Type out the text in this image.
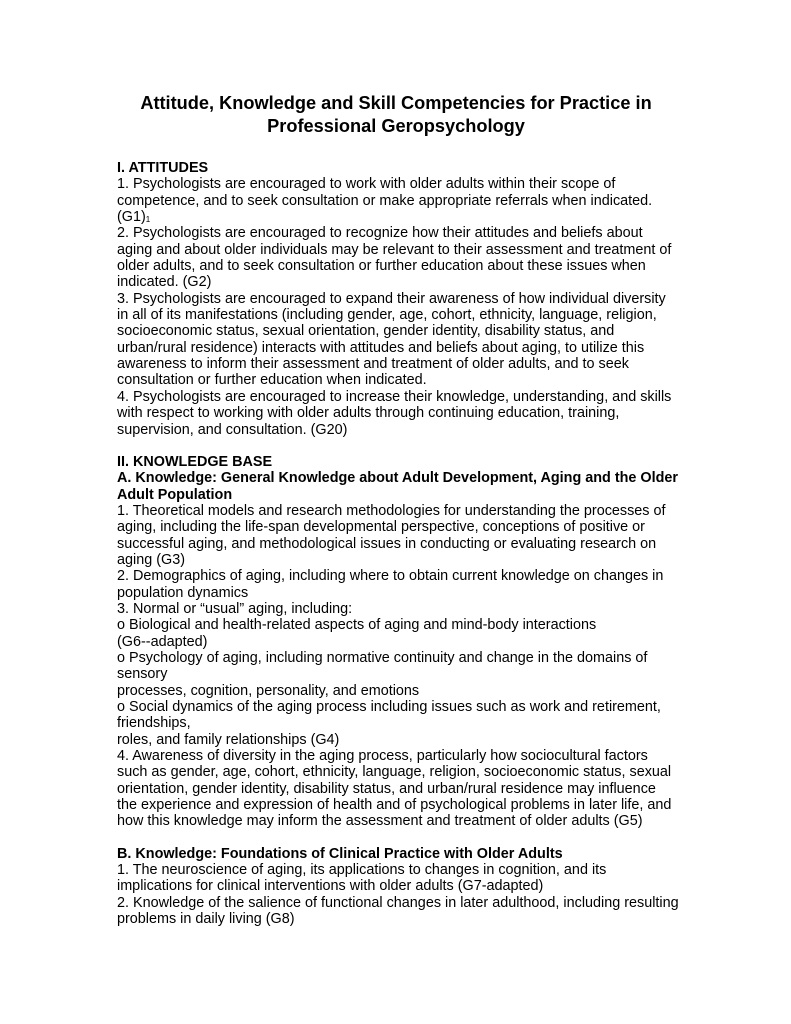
Attitude, Knowledge and Skill Competencies for Practice in
Professional Geropsychology
I. ATTITUDES
1. Psychologists are encouraged to work with older adults within their scope of competence, and to seek consultation or make appropriate referrals when indicated. $(G1)_1$
2. Psychologists are encouraged to recognize how their attitudes and beliefs about aging and about older individuals may be relevant to their assessment and treatment of older adults, and to seek consultation or further education about these issues when indicated. (G2)
3. Psychologists are encouraged to expand their awareness of how individual diversity in all of its manifestations (including gender, age, cohort, ethnicity, language, religion, socioeconomic status, sexual orientation, gender identity, disability status, and urban/rural residence) interacts with attitudes and beliefs about aging, to utilize this awareness to inform their assessment and treatment of older adults, and to seek consultation or further education when indicated.
4. Psychologists are encouraged to increase their knowledge, understanding, and skills with respect to working with older adults through continuing education, training, supervision, and consultation. (G20)
II. KNOWLEDGE BASE
A. Knowledge: General Knowledge about Adult Development, Aging and the Older Adult Population
1. Theoretical models and research methodologies for understanding the processes of aging, including the life-span developmental perspective, conceptions of positive or successful aging, and methodological issues in conducting or evaluating research on aging (G3)
2. Demographics of aging, including where to obtain current knowledge on changes in population dynamics
3. Normal or “usual” aging, including:
o Biological and health-related aspects of aging and mind-body interactions
(G6--adapted)
o Psychology of aging, including normative continuity and change in the domains of sensory
processes, cognition, personality, and emotions
o Social dynamics of the aging process including issues such as work and retirement, friendships,
roles, and family relationships (G4)
4. Awareness of diversity in the aging process, particularly how sociocultural factors such as gender, age, cohort, ethnicity, language, religion, socioeconomic status, sexual orientation, gender identity, disability status, and urban/rural residence may influence the experience and expression of health and of psychological problems in later life, and how this knowledge may inform the assessment and treatment of older adults (G5)
B. Knowledge: Foundations of Clinical Practice with Older Adults
1. The neuroscience of aging, its applications to changes in cognition, and its implications for clinical interventions with older adults (G7-adapted)
2. Knowledge of the salience of functional changes in later adulthood, including resulting problems in daily living (G8)
